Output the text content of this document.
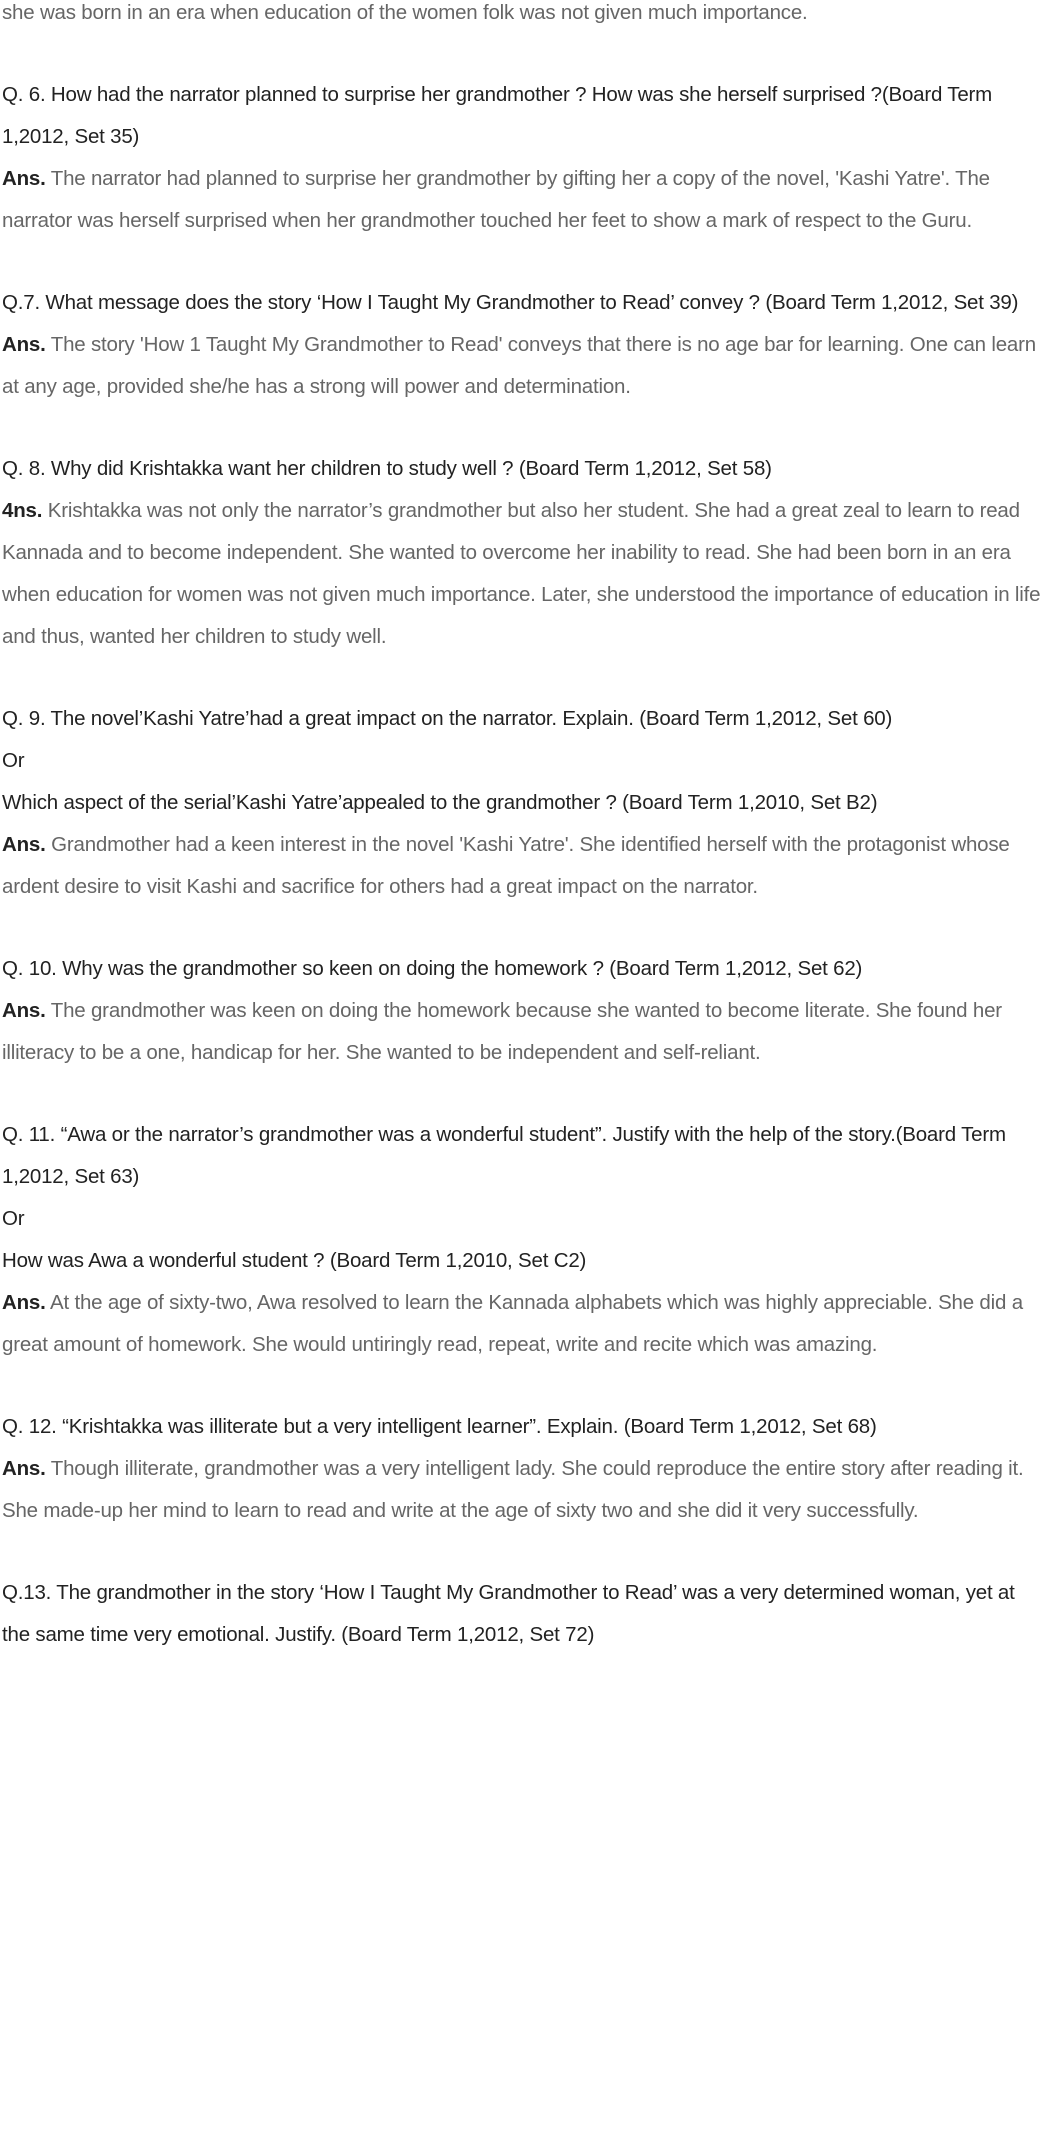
she was born in an era when education of the women folk was not given much importance.

Q. 6. How had the narrator planned to surprise her grandmother ? How was she herself surprised ?(Board Term 1,2012, Set 35)

Ans. The narrator had planned to surprise her grandmother by gifting her a copy of the novel, 'Kashi Yatre'. The narrator was herself surprised when her grandmother touched her feet to show a mark of respect to the Guru.

Q.7. What message does the story ‘How I Taught My Grandmother to Read’ convey ? (Board Term 1,2012, Set 39)

Ans. The story 'How 1 Taught My Grandmother to Read' conveys that there is no age bar for learning. One can learn at any age, provided she/he has a strong will power and determination.

Q. 8. Why did Krishtakka want her children to study well ? (Board Term 1,2012, Set 58)

4ns. Krishtakka was not only the narrator’s grandmother but also her student. She had a great zeal to learn to read Kannada and to become independent. She wanted to overcome her inability to read. She had been born in an era when education for women was not given much importance. Later, she understood the importance of education in life and thus, wanted her children to study well.

Q. 9. The novel’Kashi Yatre’had a great impact on the narrator. Explain. (Board Term 1,2012, Set 60)

Or

Which aspect of the serial’Kashi Yatre’appealed to the grandmother ? (Board Term 1,2010, Set B2)

Ans. Grandmother had a keen interest in the novel 'Kashi Yatre'. She identified herself with the protagonist whose ardent desire to visit Kashi and sacrifice for others had a great impact on the narrator.

Q. 10. Why was the grandmother so keen on doing the homework ? (Board Term 1,2012, Set 62)

Ans. The grandmother was keen on doing the homework because she wanted to become literate. She found her illiteracy to be a one, handicap for her. She wanted to be independent and self-reliant.

Q. 11. “Awa or the narrator’s grandmother was a wonderful student”. Justify with the help of the story.(Board Term 1,2012, Set 63)

Or

How was Awa a wonderful student ? (Board Term 1,2010, Set C2)

Ans. At the age of sixty-two, Awa resolved to learn the Kannada alphabets which was highly appreciable. She did a great amount of homework. She would untiringly read, repeat, write and recite which was amazing.

Q. 12. “Krishtakka was illiterate but a very intelligent learner”. Explain. (Board Term 1,2012, Set 68)

Ans. Though illiterate, grandmother was a very intelligent lady. She could reproduce the entire story after reading it. She made-up her mind to learn to read and write at the age of sixty two and she did it very successfully.

Q.13. The grandmother in the story ‘How I Taught My Grandmother to Read’ was a very determined woman, yet at the same time very emotional. Justify. (Board Term 1,2012, Set 72)
